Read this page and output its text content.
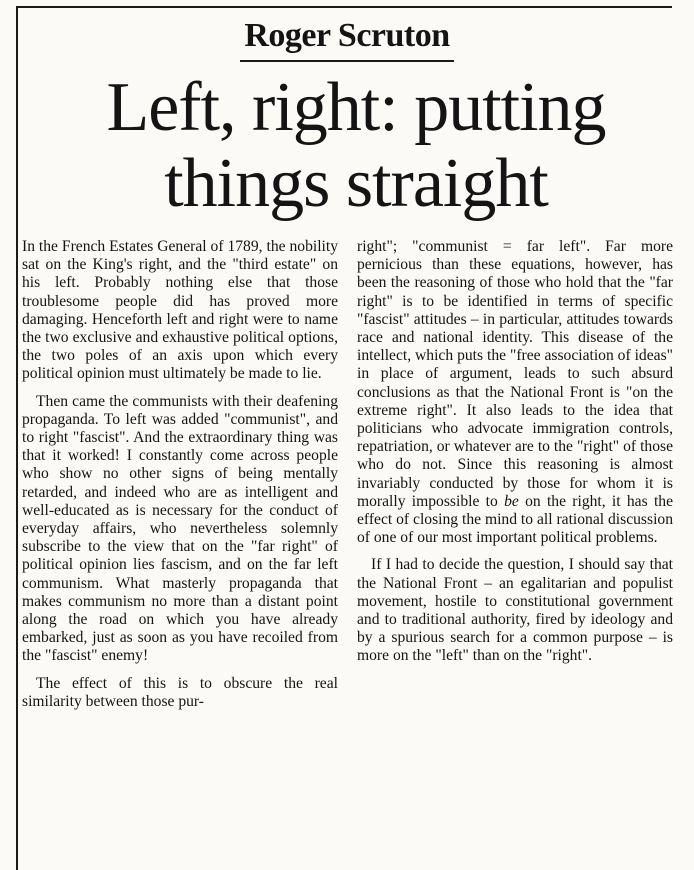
Roger Scruton
Left, right: putting
things straight

In the French Estates General of 1789, the nobility sat on the King's right, and the "third estate" on his left. Probably nothing else that those troublesome people did has proved more damaging. Henceforth left and right were to name the two exclusive and exhaustive political options, the two poles of an axis upon which every political opinion must ultimately be made to lie.

Then came the communists with their deafening propaganda. To left was added "communist", and to right "fascist". And the extraordinary thing was that it worked! I constantly come across people who show no other signs of being mentally retarded, and indeed who are as intelligent and well-educated as is necessary for the conduct of everyday affairs, who nevertheless solemnly subscribe to the view that on the "far right" of political opinion lies fascism, and on the far left communism. What masterly propaganda that makes communism no more than a distant point along the road on which you have already embarked, just as soon as you have recoiled from the "fascist" enemy!

The effect of this is to obscure the real similarity between those pur-

right"; "communist = far left". Far more pernicious than these equations, however, has been the reasoning of those who hold that the "far right" is to be identified in terms of specific "fascist" attitudes – in particular, attitudes towards race and national identity. This disease of the intellect, which puts the "free association of ideas" in place of argument, leads to such absurd conclusions as that the National Front is "on the extreme right". It also leads to the idea that politicians who advocate immigration controls, repatriation, or whatever are to the "right" of those who do not. Since this reasoning is almost invariably conducted by those for whom it is morally impossible to be on the right, it has the effect of closing the mind to all rational discussion of one of our most important political problems.

If I had to decide the question, I should say that the National Front – an egalitarian and populist movement, hostile to constitutional government and to traditional authority, fired by ideology and by a spurious search for a common purpose – is more on the "left" than on the "right".
